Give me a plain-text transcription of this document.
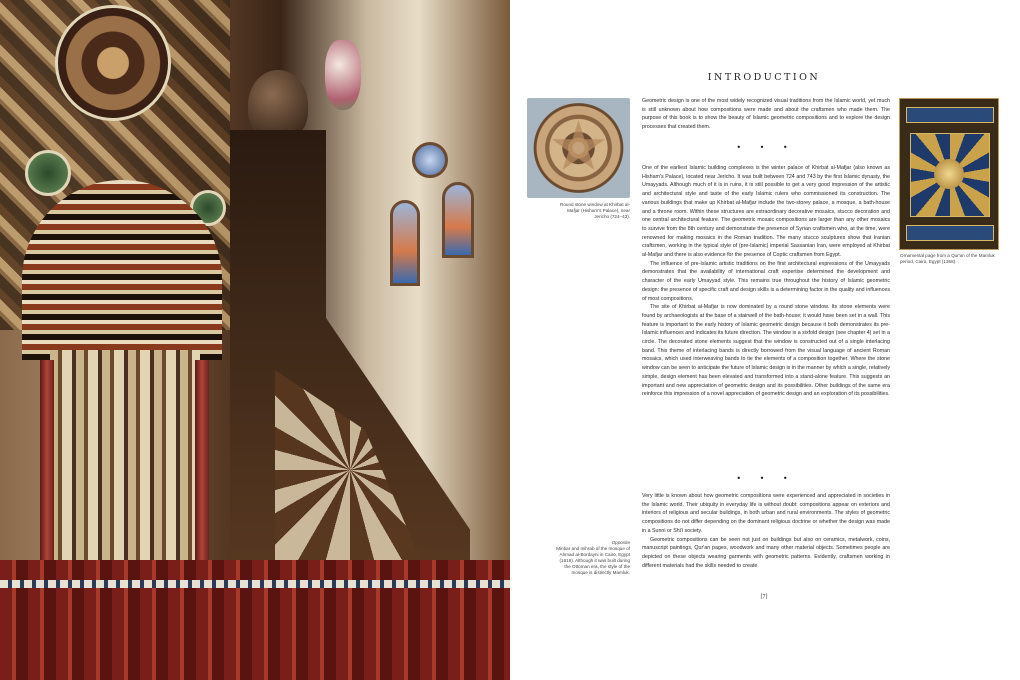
INTRODUCTION
Round stone window at Khirbat al-Mafjar (Hisham's Palace), near Jericho (724–43).
Ornamental page from a Qur'an of the Mamluk period, Cairo, Egypt (1368).

Geometric design is one of the most widely recognized visual traditions from the Islamic world, yet much is still unknown about how compositions were made and about the craftsmen who made them. The purpose of this book is to show the beauty of Islamic geometric compositions and to explore the design processes that created them.

• • •

One of the earliest Islamic building complexes is the winter palace of Khirbat al-Mafjar (also known as Hisham's Palace), located near Jericho. It was built between 724 and 743 by the first Islamic dynasty, the Umayyads. Although much of it is in ruins, it is still possible to get a very good impression of the artistic and architectural style and taste of the early Islamic rulers who commissioned its construction. The various buildings that make up Khirbat al-Mafjar include the two-storey palace, a mosque, a bath-house and a throne room. Within these structures are extraordinary decorative mosaics, stucco decoration and one central architectural feature. The geometric mosaic compositions are larger than any other mosaics to survive from the 8th century and demonstrate the presence of Syrian craftsmen who, at the time, were renowned for making mosaics in the Roman tradition. The many stucco sculptures show that Iranian craftsmen, working in the typical style of (pre-Islamic) imperial Sassanian Iran, were employed at Khirbat al-Mafjar and there is also evidence for the presence of Coptic craftsmen from Egypt.

The influence of pre-Islamic artistic traditions on the first architectural expressions of the Umayyads demonstrates that the availability of international craft expertise determined the development and character of the early Umayyad style. This remains true throughout the history of Islamic geometric design: the presence of specific craft and design skills is a determining factor in the quality and influences of most compositions.

The site of Khirbat al-Mafjar is now dominated by a round stone window. Its stone elements were found by archaeologists at the base of a stairwell of the bath-house; it would have been set in a wall. This feature is important to the early history of Islamic geometric design because it both demonstrates its pre-Islamic influences and indicates its future direction. The window is a sixfold design (see chapter 4) set in a circle. The decorated stone elements suggest that the window is constructed out of a single interlacing band. This theme of interlacing bands is directly borrowed from the visual language of ancient Roman mosaics, which used interweaving bands to tie the elements of a composition together. Where the stone window can be seen to anticipate the future of Islamic design is in the manner by which a single, relatively simple, design element has been elevated and transformed into a stand-alone feature. This suggests an important and new appreciation of geometric design and its possibilities. Other buildings of the same era reinforce this impression of a novel appreciation of geometric design and an exploration of its possibilities.

• • •

Very little is known about how geometric compositions were experienced and appreciated in societies in the Islamic world. Their ubiquity in everyday life is without doubt: compositions appear on exteriors and interiors of religious and secular buildings, in both urban and rural environments. The styles of geometric compositions do not differ depending on the dominant religious doctrine or whether the design was made in a Sunni or Shi'i society.

Geometric compositions can be seen not just on buildings but also on ceramics, metalwork, coins, manuscript paintings, Qur'an pages, woodwork and many other material objects. Sometimes people are depicted on these objects wearing garments with geometric patterns. Evidently, craftsmen working in different materials had the skills needed to create

Opposite
Minbar and mihrab of the mosque of Ahmad al-Bordayni in Cairo, Egypt (1616). Although it was built during the Ottoman era, the style of the mosque is distinctly Mamluk.
[7]
